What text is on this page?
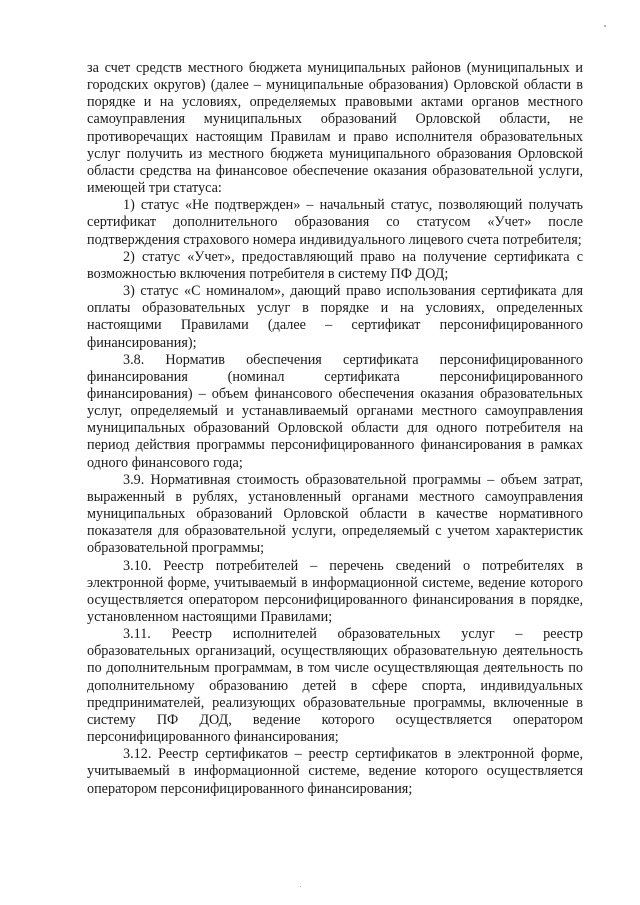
за счет средств местного бюджета муниципальных районов (муниципальных и городских округов) (далее – муниципальные образования) Орловской области в порядке и на условиях, определяемых правовыми актами органов местного самоуправления муниципальных образований Орловской области, не противоречащих настоящим Правилам и право исполнителя образовательных услуг получить из местного бюджета муниципального образования Орловской области средства на финансовое обеспечение оказания образовательной услуги, имеющей три статуса:

1) статус «Не подтвержден» – начальный статус, позволяющий получать сертификат дополнительного образования со статусом «Учет» после подтверждения страхового номера индивидуального лицевого счета потребителя;

2) статус «Учет», предоставляющий право на получение сертификата с возможностью включения потребителя в систему ПФ ДОД;

3) статус «С номиналом», дающий право использования сертификата для оплаты образовательных услуг в порядке и на условиях, определенных настоящими Правилами (далее – сертификат персонифицированного финансирования);

3.8. Норматив обеспечения сертификата персонифицированного финансирования (номинал сертификата персонифицированного финансирования) – объем финансового обеспечения оказания образовательных услуг, определяемый и устанавливаемый органами местного самоуправления муниципальных образований Орловской области для одного потребителя на период действия программы персонифицированного финансирования в рамках одного финансового года;

3.9. Нормативная стоимость образовательной программы – объем затрат, выраженный в рублях, установленный органами местного самоуправления муниципальных образований Орловской области в качестве нормативного показателя для образовательной услуги, определяемый с учетом характеристик образовательной программы;

3.10. Реестр потребителей – перечень сведений о потребителях в электронной форме, учитываемый в информационной системе, ведение которого осуществляется оператором персонифицированного финансирования в порядке, установленном настоящими Правилами;

3.11. Реестр исполнителей образовательных услуг – реестр образовательных организаций, осуществляющих образовательную деятельность по дополнительным программам, в том числе осуществляющая деятельность по дополнительному образованию детей в сфере спорта, индивидуальных предпринимателей, реализующих образовательные программы, включенные в систему ПФ ДОД, ведение которого осуществляется оператором персонифицированного финансирования;

3.12. Реестр сертификатов – реестр сертификатов в электронной форме, учитываемый в информационной системе, ведение которого осуществляется оператором персонифицированного финансирования;
